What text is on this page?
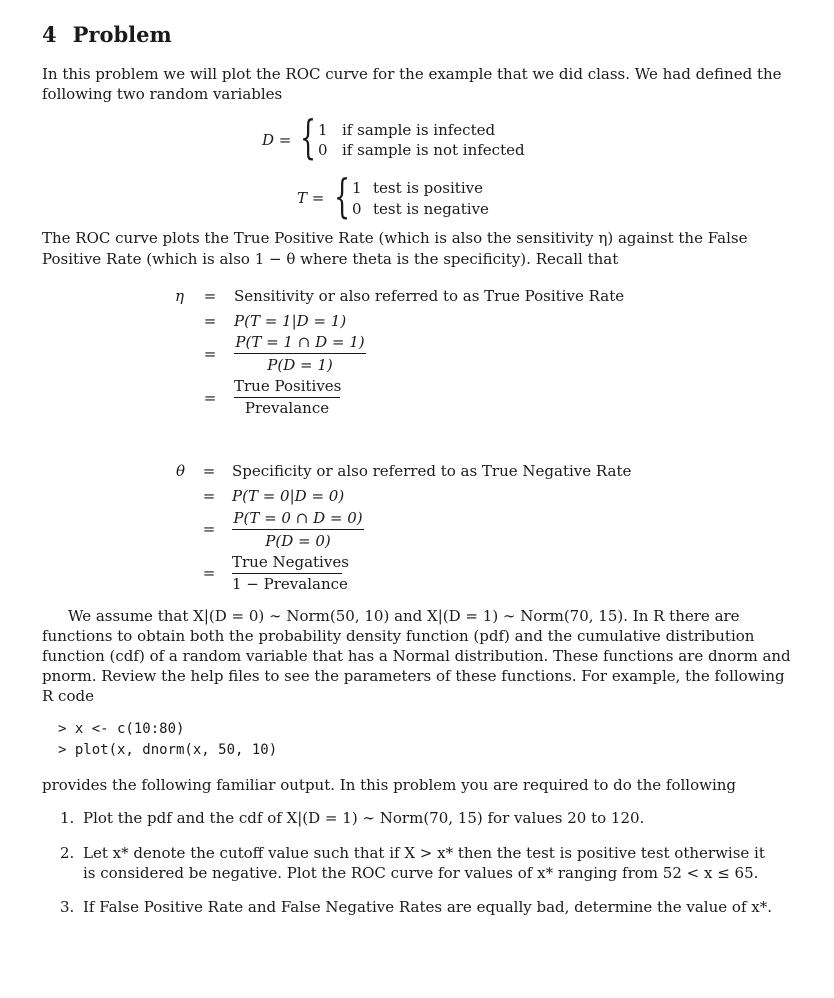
4 Problem
In this problem we will plot the ROC curve for the example that we did class. We had defined the
following two random variables
D = { 1 if sample is infected
0 if sample is not infected
T = { 1 test is positive
0 test is negative
The ROC curve plots the True Positive Rate (which is also the sensitivity η) against the False
Positive Rate (which is also 1 − θ where theta is the specificity). Recall that
η = Sensitivity or also referred to as True Positive Rate
= P(T = 1|D = 1)
=
P(T = 1 ∩ D = 1)
P(D = 1)
=
True Positives
Prevalance
θ = Specificity or also referred to as True Negative Rate
= P(T = 0|D = 0)
=
P(T = 0 ∩ D = 0)
P(D = 0)
=
True Negatives
1 − Prevalance
We assume that X|(D = 0) ∼ Norm(50, 10) and X|(D = 1) ∼ Norm(70, 15). In R there are
functions to obtain both the probability density function (pdf) and the cumulative distribution
function (cdf) of a random variable that has a Normal distribution. These functions are dnorm and
pnorm. Review the help files to see the parameters of these functions. For example, the following
R code
> x <- c(10:80)
> plot(x, dnorm(x, 50, 10)
provides the following familiar output. In this problem you are required to do the following
1. Plot the pdf and the cdf of X|(D = 1) ∼ Norm(70, 15) for values 20 to 120.
2. Let x* denote the cutoff value such that if X > x* then the test is positive test otherwise it
is considered be negative. Plot the ROC curve for values of x* ranging from 52 < x ≤ 65.
3. If False Positive Rate and False Negative Rates are equally bad, determine the value of x*.
